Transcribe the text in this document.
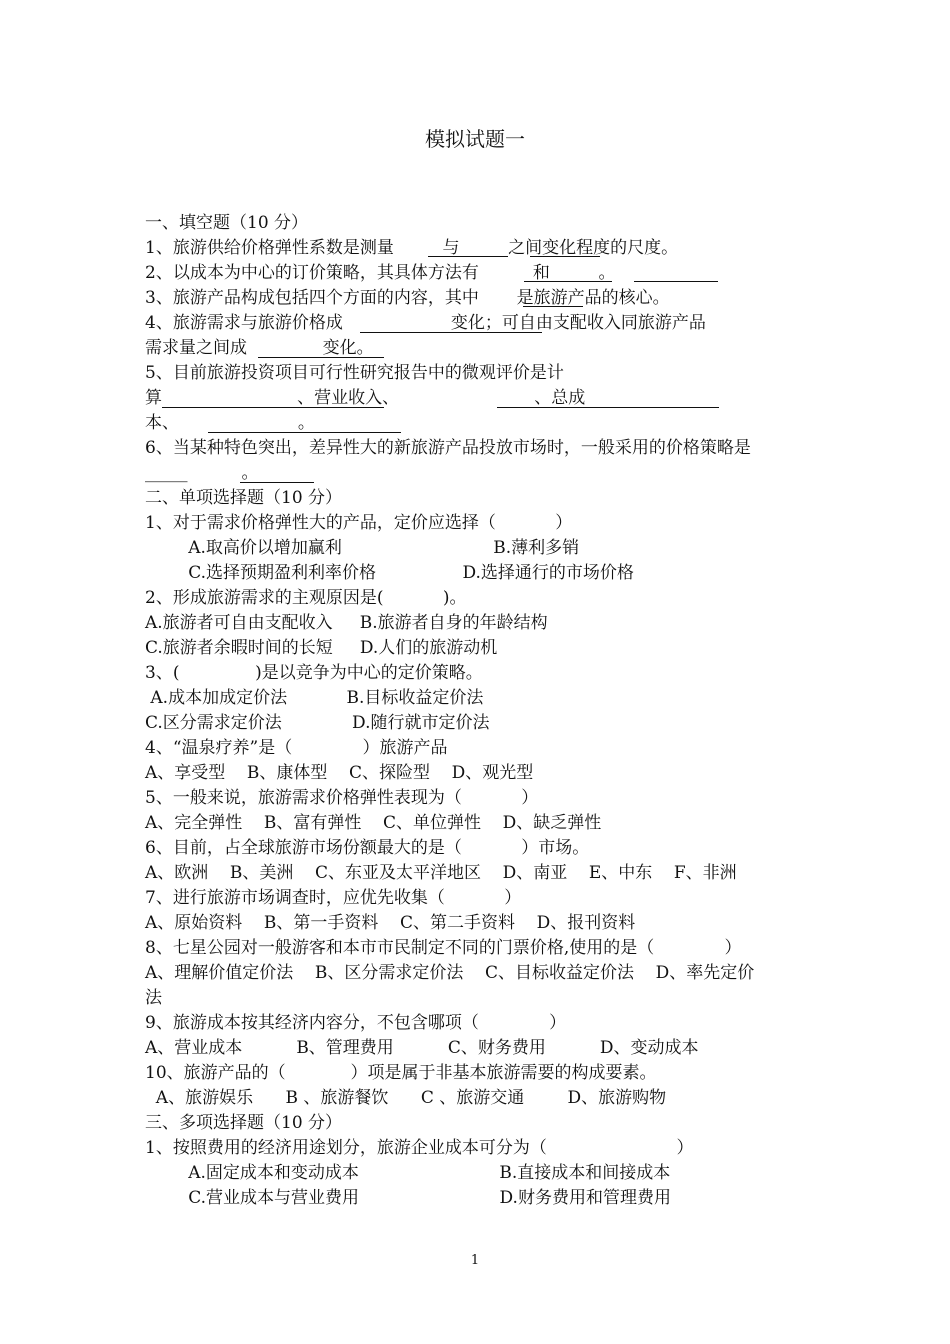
模拟试题一
一、填空题（10 分）
1、旅游供给价格弹性系数是测量         与         之间变化程度的尺度。
2、以成本为中心的订价策略，其具体方法有          和         。
3、旅游产品构成包括四个方面的内容，其中       是旅游产品的核心。
4、旅游需求与旅游价格成                    变化；可自由支配收入同旅游产品
需求量之间成              变化。
5、目前旅游投资项目可行性研究报告中的微观评价是计
算                         、营业收入、                         、总成
本、                      。
6、当某种特色突出，差异性大的新旅游产品投放市场时，一般采用的价格策略是
_____          。
二、单项选择题（10 分）
1、对于需求价格弹性大的产品，定价应选择（           ）
A.取高价以增加赢利                            B.薄利多销
C.选择预期盈利利率价格                D.选择通行的市场价格
2、形成旅游需求的主观原因是(           )。
A.旅游者可自由支配收入     B.旅游者自身的年龄结构
C.旅游者余暇时间的长短     D.人们的旅游动机
3、(              )是以竞争为中心的定价策略。
A.成本加成定价法           B.目标收益定价法
C.区分需求定价法             D.随行就市定价法
4、“温泉疗养”是（             ）旅游产品
A、享受型    B、康体型    C、探险型    D、观光型
5、一般来说，旅游需求价格弹性表现为（           ）
A、完全弹性    B、富有弹性    C、单位弹性    D、缺乏弹性
6、目前，占全球旅游市场份额最大的是（           ）市场。
A、欧洲    B、美洲    C、东亚及太平洋地区    D、南亚    E、中东    F、非洲
7、进行旅游市场调查时，应优先收集（           ）
A、原始资料    B、第一手资料    C、第二手资料    D、报刊资料
8、七星公园对一般游客和本市市民制定不同的门票价格,使用的是（             ）
A、理解价值定价法    B、区分需求定价法    C、目标收益定价法    D、率先定价
法
9、旅游成本按其经济内容分，不包含哪项（             ）
A、营业成本          B、管理费用          C、财务费用          D、变动成本
10、旅游产品的（            ）项是属于非基本旅游需要的构成要素。
A、旅游娱乐      B 、旅游餐饮      C 、旅游交通        D、旅游购物
三、多项选择题（10 分）
1、按照费用的经济用途划分，旅游企业成本可分为（                        ）
A.固定成本和变动成本                          B.直接成本和间接成本
C.营业成本与营业费用                          D.财务费用和管理费用
1
